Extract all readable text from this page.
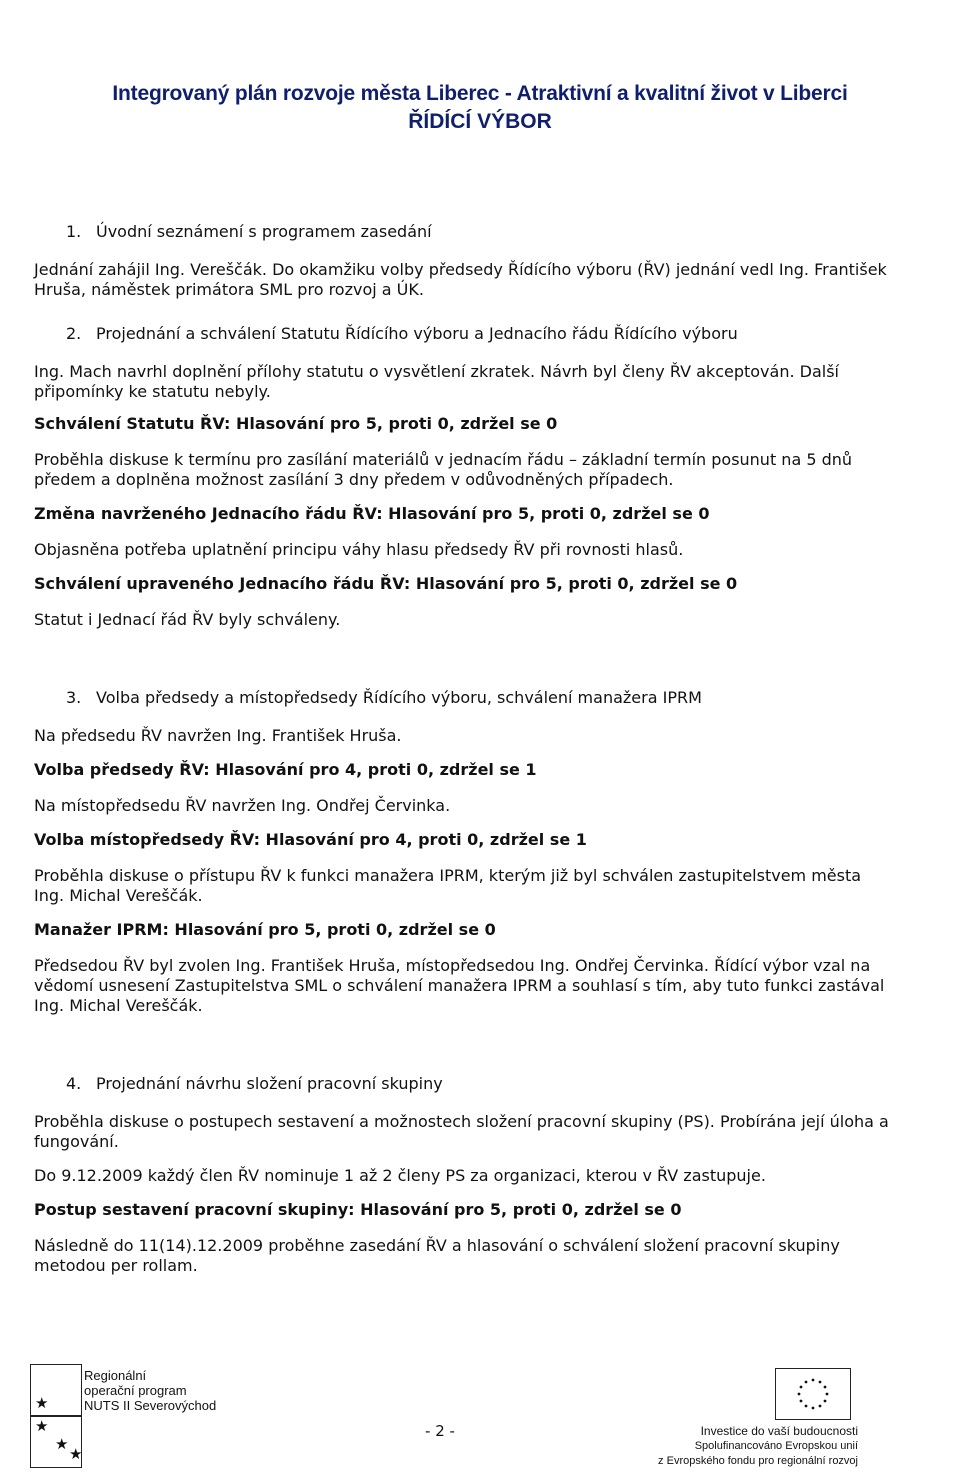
Integrovaný plán rozvoje města Liberec - Atraktivní a kvalitní život v Liberci
ŘÍDÍCÍ VÝBOR
1. Úvodní seznámení s programem zasedání
Jednání zahájil Ing. Vereščák. Do okamžiku volby předsedy Řídícího výboru (ŘV) jednání vedl Ing. František Hruša, náměstek primátora SML pro rozvoj a ÚK.
2. Projednání a schválení Statutu Řídícího výboru a Jednacího řádu Řídícího výboru
Ing. Mach navrhl doplnění přílohy statutu o vysvětlení zkratek. Návrh byl členy ŘV akceptován. Další připomínky ke statutu nebyly.
Schválení Statutu ŘV: Hlasování pro 5, proti 0, zdržel se 0
Proběhla diskuse k termínu pro zasílání materiálů v jednacím řádu – základní termín posunut na 5 dnů předem a doplněna možnost zasílání 3 dny předem v odůvodněných případech.
Změna navrženého Jednacího řádu ŘV: Hlasování pro 5, proti 0, zdržel se 0
Objasněna potřeba uplatnění principu váhy hlasu předsedy ŘV při rovnosti hlasů.
Schválení upraveného Jednacího řádu ŘV: Hlasování pro 5, proti 0, zdržel se 0
Statut i Jednací řád ŘV byly schváleny.
3. Volba předsedy a místopředsedy Řídícího výboru, schválení manažera IPRM
Na předsedu ŘV navržen Ing. František Hruša.
Volba předsedy ŘV: Hlasování pro 4, proti 0, zdržel se 1
Na místopředsedu ŘV navržen Ing. Ondřej Červinka.
Volba místopředsedy ŘV: Hlasování pro 4, proti 0, zdržel se 1
Proběhla diskuse o přístupu ŘV k funkci manažera IPRM, kterým již byl schválen zastupitelstvem města Ing. Michal Vereščák.
Manažer IPRM: Hlasování pro 5, proti 0, zdržel se 0
Předsedou ŘV byl zvolen Ing. František Hruša, místopředsedou Ing. Ondřej Červinka. Řídící výbor vzal na vědomí usnesení Zastupitelstva SML o schválení manažera IPRM a souhlasí s tím, aby tuto funkci zastával Ing. Michal Vereščák.
4. Projednání návrhu složení pracovní skupiny
Proběhla diskuse o postupech sestavení a možnostech složení pracovní skupiny (PS). Probírána její úloha a fungování.
Do 9.12.2009 každý člen ŘV nominuje 1 až 2 členy PS za organizaci, kterou v ŘV zastupuje.
Postup sestavení pracovní skupiny: Hlasování pro 5, proti 0, zdržel se 0
Následně do 11(14).12.2009 proběhne zasedání ŘV a hlasování o schválení složení pracovní skupiny metodou per rollam.
★
★
★
★
Regionální
operační program
NUTS II Severovýchod
- 2 -	Investice do vaší budoucnosti
Spolufinancováno Evropskou unií
z Evropského fondu pro regionální rozvoj
